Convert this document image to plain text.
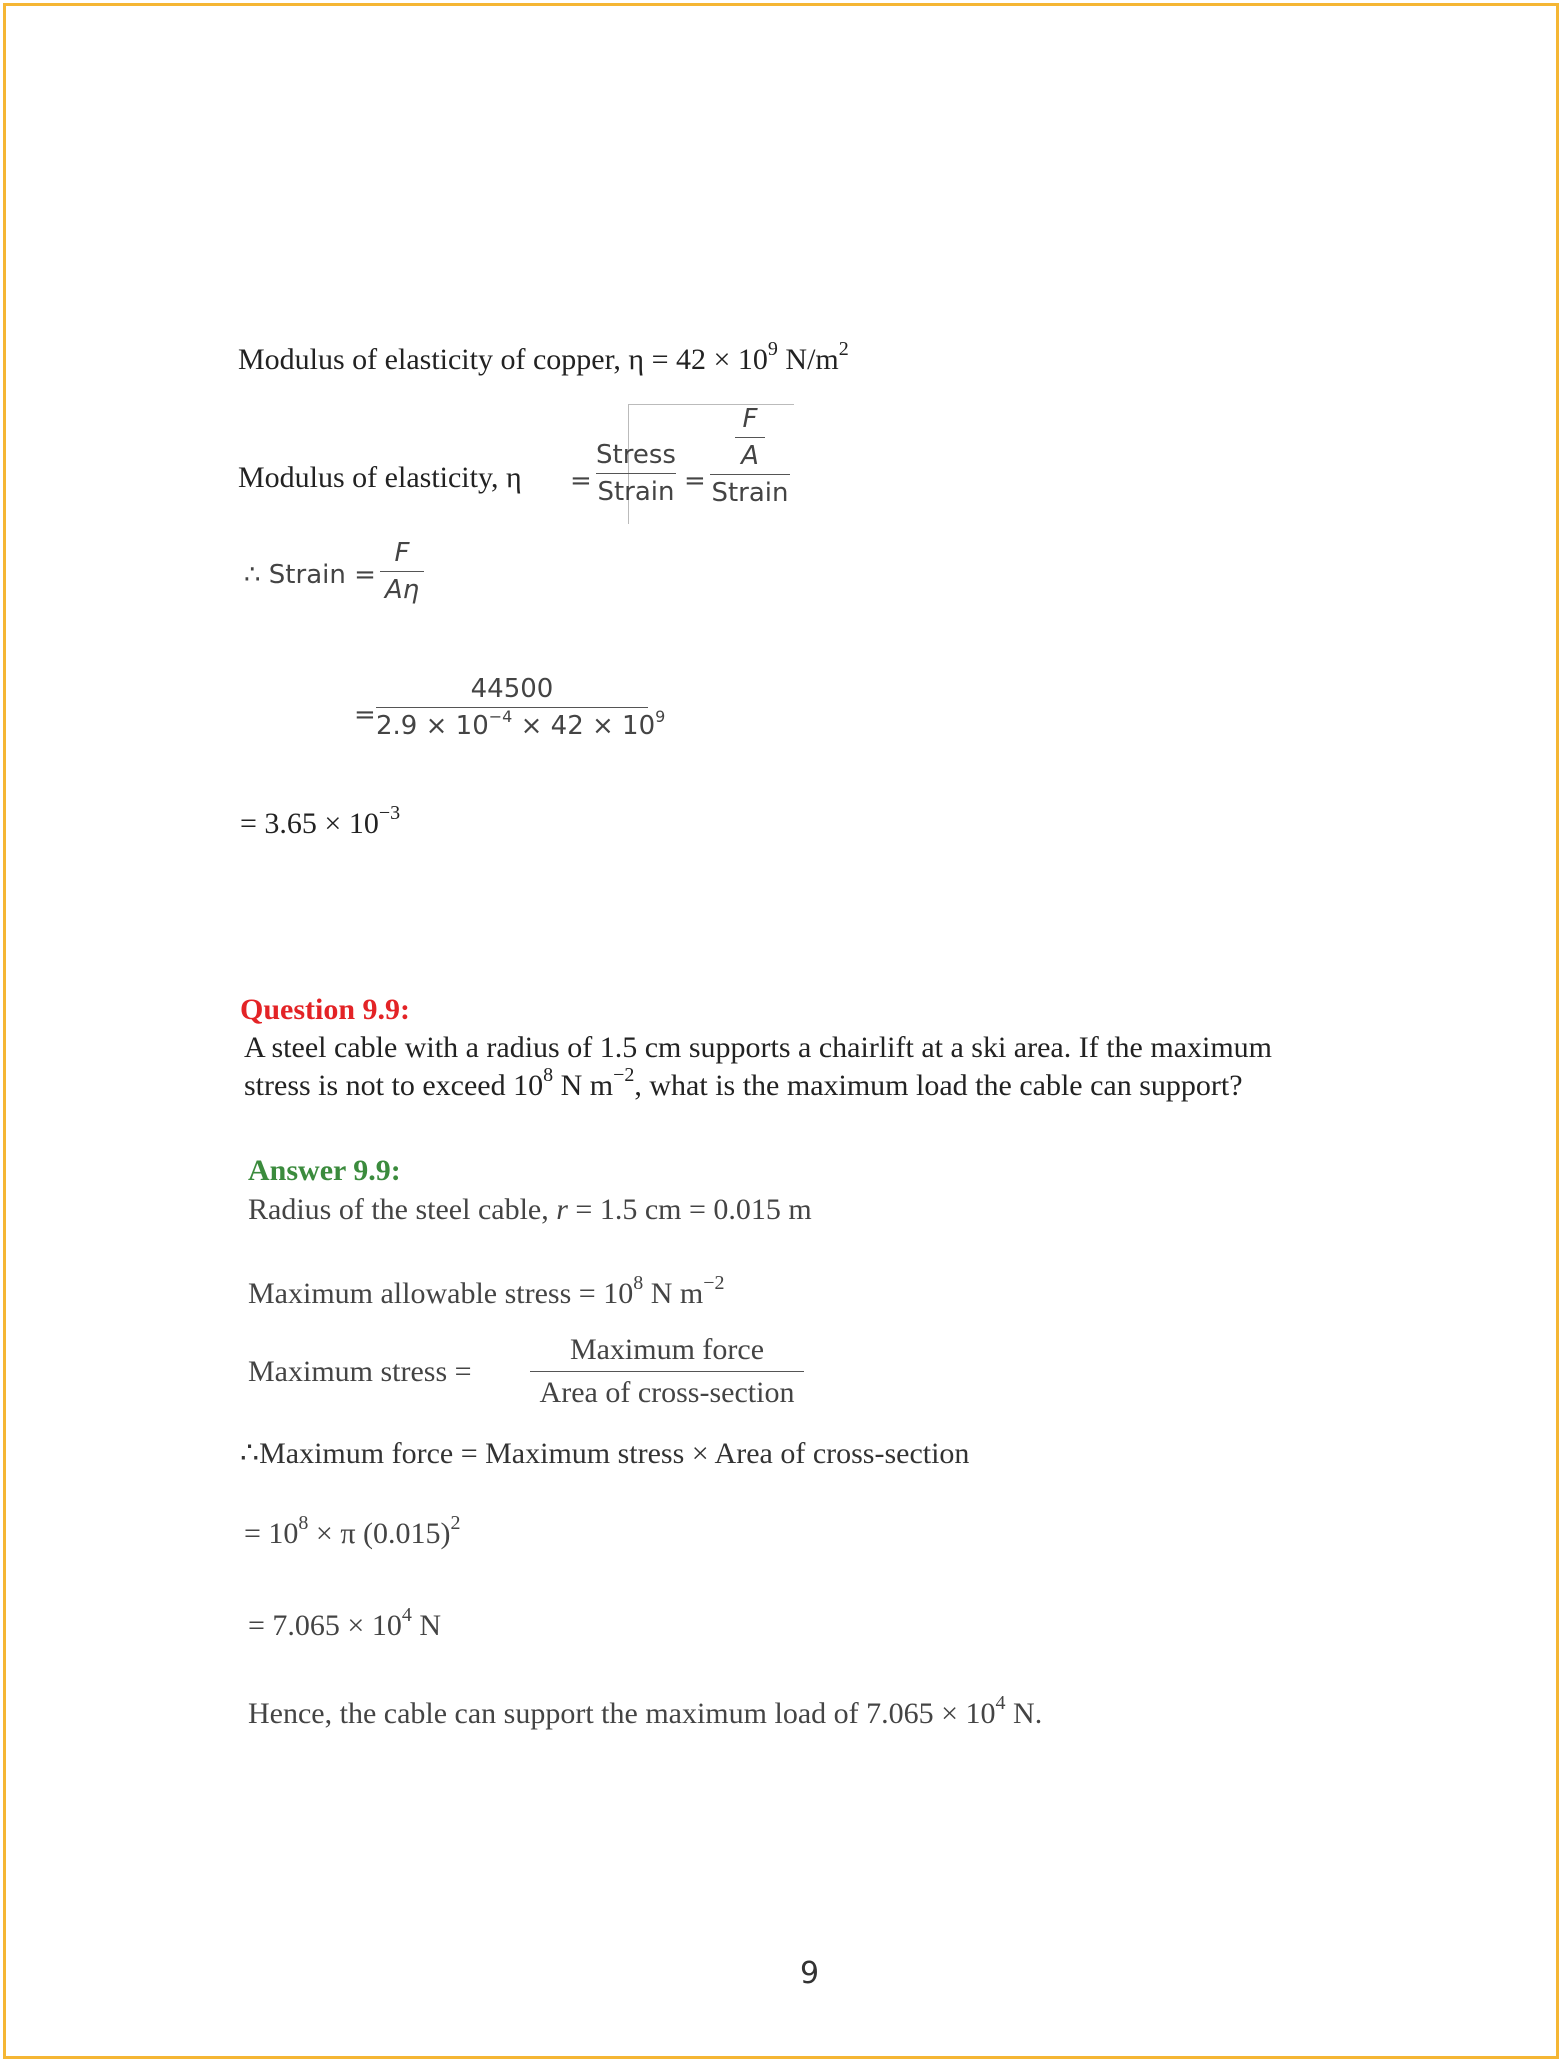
Modulus of elasticity of copper, $\eta = 42 \times 10^9$ $N/m^2$
Modulus of elasticity, η =
Stress
Strain =
F
A
Strain
∴ Strain =
F
Aη
=
44500
$2.9 \times 10^{-4} \times 42 \times 10^9$
= $3.65 \times 10^{-3}$
Question 9.9:
A steel cable with a radius of 1.5 cm supports a chairlift at a ski area. If the maximum
stress is not to exceed $10^8$ N $m^{-2}$, what is the maximum load the cable can support?
Answer 9.9:
Radius of the steel cable, r = 1.5 cm = 0.015 m
Maximum allowable stress = $10^8$ N $m^{-2}$
Maximum stress =
Maximum force
Area of cross-section
∴Maximum force = Maximum stress × Area of cross-section
= $10^8 \times \pi$ $(0.015)^2$
= $7.065 \times 10^4$ N
Hence, the cable can support the maximum load of $7.065 \times 10^4$ N.
9
